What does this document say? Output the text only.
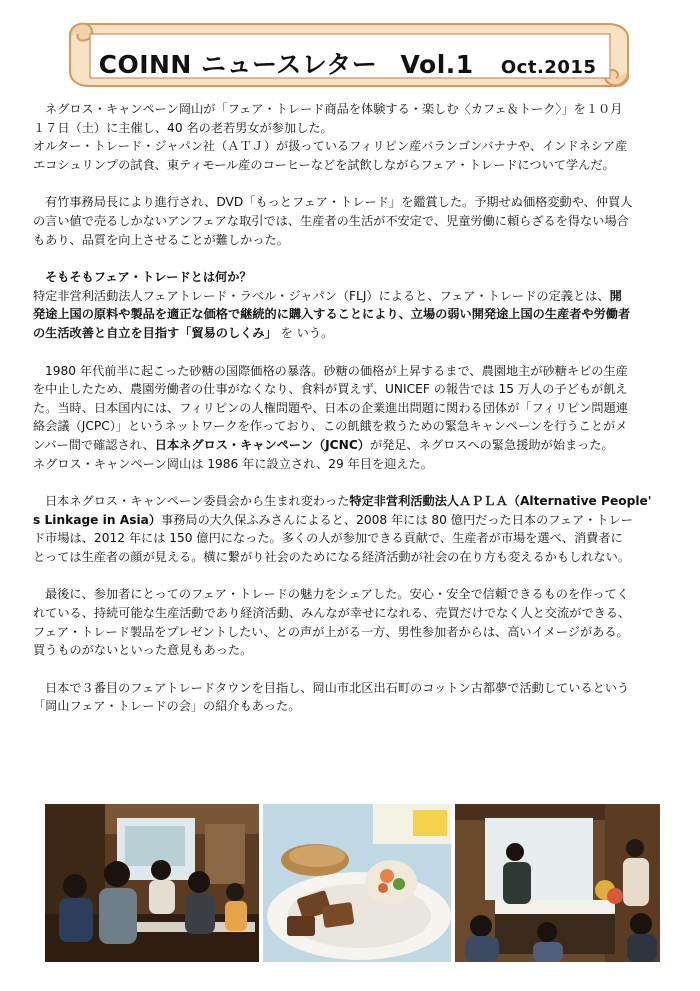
COINN ニュースレター Vol.1 Oct.2015

ネグロス・キャンペーン岡山が「フェア・トレード商品を体験する・楽しむ〈カフェ＆トーク〉」を１０月

１７日（土）に主催し、40 名の老若男女が参加した。

オルター・トレード・ジャパン社（ＡＴＪ）が扱っているフィリピン産バランゴンバナナや、インドネシア産

エコシュリンプの試食、東ティモール産のコーヒーなどを試飲しながらフェア・トレードについて学んだ。

有竹事務局長により進行され、DVD「もっとフェア・トレード」を鑑賞した。予期せぬ価格変動や、仲買人

の言い値で売るしかないアンフェアな取引では、生産者の生活が不安定で、児童労働に頼らざるを得ない場合

もあり、品質を向上させることが難しかった。

そもそもフェア・トレードとは何か？

特定非営利活動法人フェアトレード・ラベル・ジャパン（FLJ）によると、フェア・トレードの定義とは、開

発途上国の原料や製品を適正な価格で継続的に購入することにより、立場の弱い開発途上国の生産者や労働者

の生活改善と自立を目指す「貿易のしくみ」 を いう。

1980 年代前半に起こった砂糖の国際価格の暴落。砂糖の価格が上昇するまで、農園地主が砂糖キビの生産

を中止したため、農園労働者の仕事がなくなり、食料が買えず、UNICEF の報告では 15 万人の子どもが飢え

た。当時、日本国内には、フィリピンの人権問題や、日本の企業進出問題に関わる団体が「フィリピン問題連

絡会議（JCPC）」というネットワークを作っており、この飢餓を救うための緊急キャンペーンを行うことがメ

ンバー間で確認され、日本ネグロス・キャンペーン（JCNC）が発足、ネグロスへの緊急援助が始まった。

ネグロス・キャンペーン岡山は 1986 年に設立され、29 年目を迎えた。

日本ネグロス・キャンペーン委員会から生まれ変わった特定非営利活動法人ＡＰＬＡ（Alternative People'

s Linkage in Asia）事務局の大久保ふみさんによると、2008 年には 80 億円だった日本のフェア・トレー

ド市場は、2012 年には 150 億円になった。多くの人が参加できる貢献で、生産者が市場を選べ、消費者に

とっては生産者の顔が見える。横に繋がり社会のためになる経済活動が社会の在り方も変えるかもしれない。

最後に、参加者にとってのフェア・トレードの魅力をシェアした。安心・安全で信頼できるものを作ってく

れている、持続可能な生産活動であり経済活動、みんなが幸せになれる、売買だけでなく人と交流ができる、

フェア・トレード製品をプレゼントしたい、との声が上がる一方、男性参加者からは、高いイメージがある。

買うものがないといった意見もあった。

日本で３番目のフェアトレードタウンを目指し、岡山市北区出石町のコットン古都夢で活動しているという

「岡山フェア・トレードの会」の紹介もあった。
